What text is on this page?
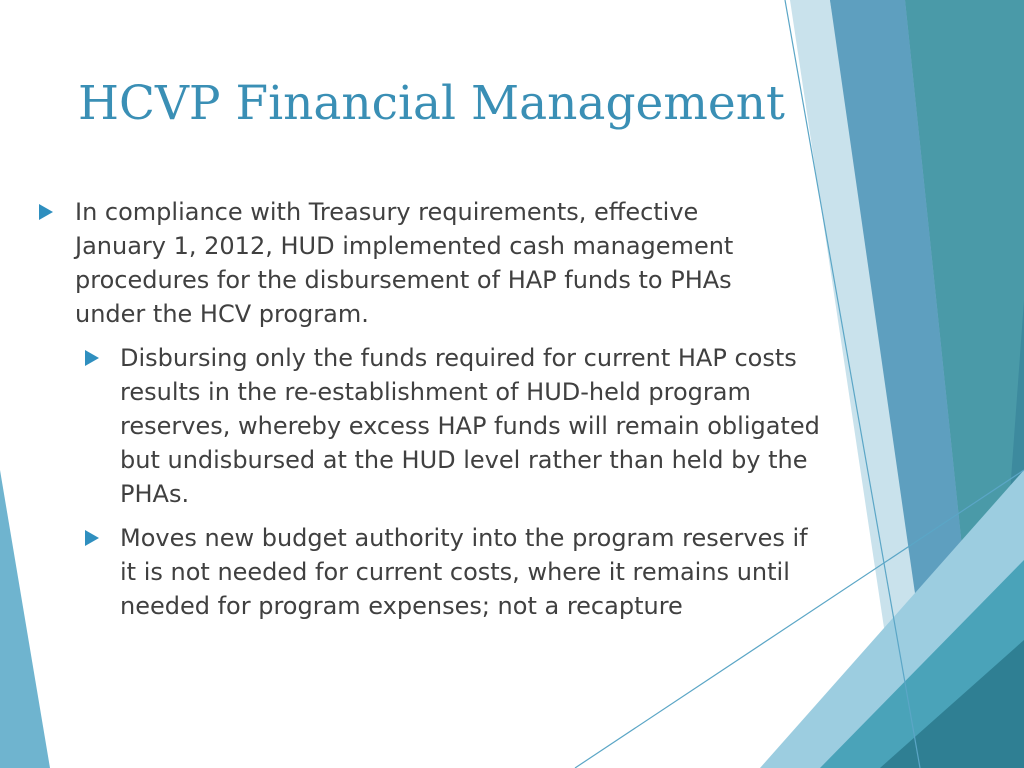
HCVP Financial Management
In compliance with Treasury requirements, effective January 1, 2012, HUD implemented cash management procedures for the disbursement of HAP funds to PHAs under the HCV program.
Disbursing only the funds required for current HAP costs results in the re-establishment of HUD-held program reserves, whereby excess HAP funds will remain obligated but undisbursed at the HUD level rather than held by the PHAs.
Moves new budget authority into the program reserves if it is not needed for current costs, where it remains until needed for program expenses; not a recapture
